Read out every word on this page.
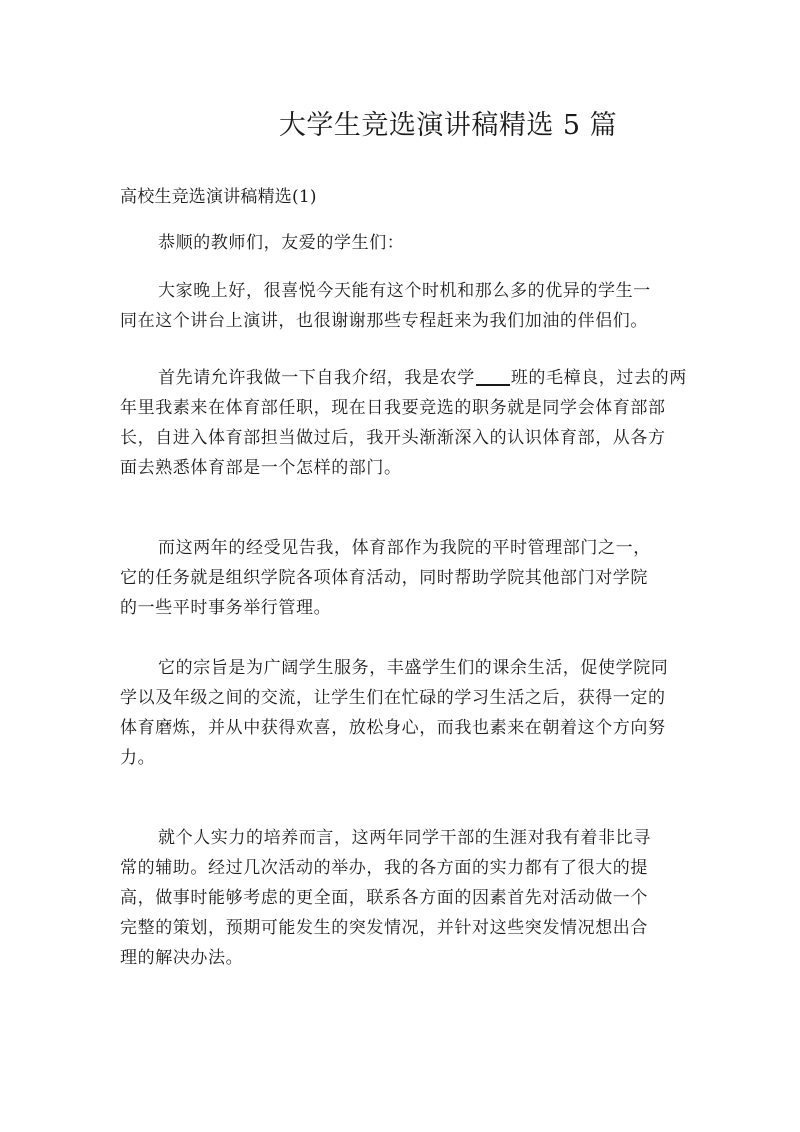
大学生竞选演讲稿精选 5 篇
高校生竞选演讲稿精选(1)
恭顺的教师们，友爱的学生们：
大家晚上好，很喜悦今天能有这个时机和那么多的优异的学生一
同在这个讲台上演讲，也很谢谢那些专程赶来为我们加油的伴侣们。
首先请允许我做一下自我介绍，我是农学 班的毛樟良，过去的两
年里我素来在体育部任职，现在日我要竞选的职务就是同学会体育部部
长，自进入体育部担当做过后，我开头渐渐深入的认识体育部，从各方
面去熟悉体育部是一个怎样的部门。
而这两年的经受见告我，体育部作为我院的平时管理部门之一，
它的任务就是组织学院各项体育活动，同时帮助学院其他部门对学院
的一些平时事务举行管理。
它的宗旨是为广阔学生服务，丰盛学生们的课余生活，促使学院同
学以及年级之间的交流，让学生们在忙碌的学习生活之后，获得一定的
体育磨炼，并从中获得欢喜，放松身心，而我也素来在朝着这个方向努
力。
就个人实力的培养而言，这两年同学干部的生涯对我有着非比寻
常的辅助。经过几次活动的举办，我的各方面的实力都有了很大的提
高，做事时能够考虑的更全面，联系各方面的因素首先对活动做一个
完整的策划，预期可能发生的突发情况，并针对这些突发情况想出合
理的解决办法。
